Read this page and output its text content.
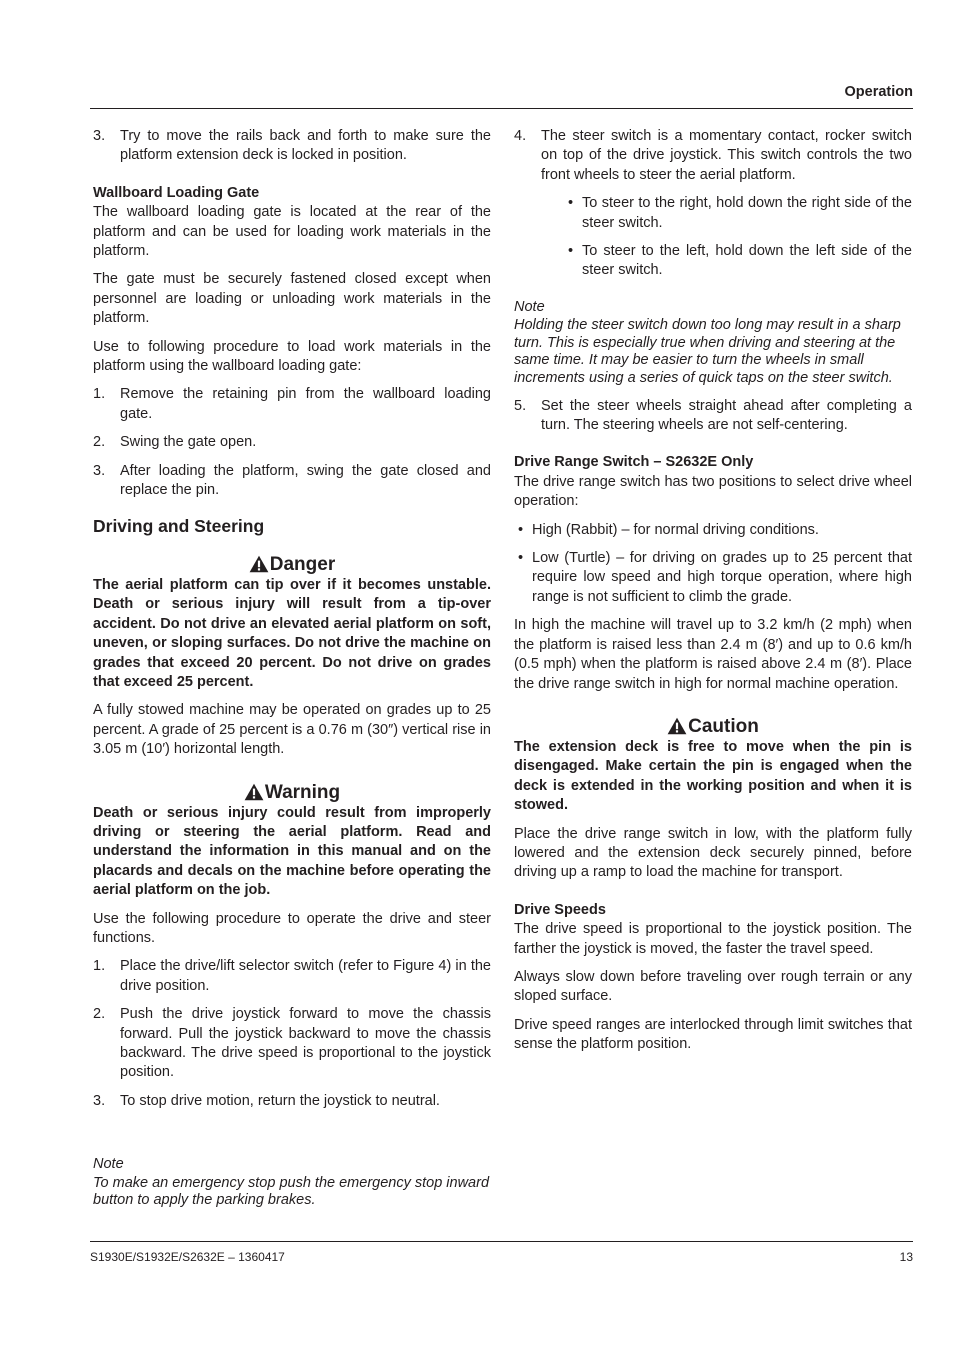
Operation
3.	Try to move the rails back and forth to make sure the platform extension deck is locked in position.
Wallboard Loading Gate

The wallboard loading gate is located at the rear of the platform and can be used for loading work materials in the platform.

The gate must be securely fastened closed except when personnel are loading or unloading work materials in the platform.

Use to following procedure to load work materials in the platform using the wallboard loading gate:

1.	Remove the retaining pin from the wallboard loading gate.
2.	Swing the gate open.
3.	After loading the platform, swing the gate closed and replace the pin.
Driving and Steering
Danger

The aerial platform can tip over if it becomes unstable. Death or serious injury will result from a tip-over accident. Do not drive an elevated aerial platform on soft, uneven, or sloping surfaces. Do not drive the machine on grades that exceed 20 percent. Do not drive on grades that exceed 25 percent.

A fully stowed machine may be operated on grades up to 25 percent. A grade of 25 percent is a 0.76 m (30″) vertical rise in 3.05 m (10′) horizontal length.

Warning

Death or serious injury could result from improperly driving or steering the aerial platform. Read and understand the information in this manual and on the placards and decals on the machine before operating the aerial platform on the job.

Use the following procedure to operate the drive and steer functions.

1.	Place the drive/lift selector switch (refer to Figure 4) in the drive position.
2.	Push the drive joystick forward to move the chassis forward. Pull the joystick backward to move the chassis backward. The drive speed is proportional to the joystick position.
3.	To stop drive motion, return the joystick to neutral.
Note
To make an emergency stop push the emergency stop inward button to apply the parking brakes.
4.	The steer switch is a momentary contact, rocker switch on top of the drive joystick. This switch controls the two front wheels to steer the aerial platform.
• To steer to the right, hold down the right side of the steer switch.
• To steer to the left, hold down the left side of the steer switch.
Note
Holding the steer switch down too long may result in a sharp turn. This is especially true when driving and steering at the same time. It may be easier to turn the wheels in small increments using a series of quick taps on the steer switch.
5.	Set the steer wheels straight ahead after completing a turn. The steering wheels are not self-centering.
Drive Range Switch – S2632E Only

The drive range switch has two positions to select drive wheel operation:

• High (Rabbit) – for normal driving conditions.
• Low (Turtle) – for driving on grades up to 25 percent that require low speed and high torque operation, where high range is not sufficient to climb the grade.

In high the machine will travel up to 3.2 km/h (2 mph) when the platform is raised less than 2.4 m (8′) and up to 0.6 km/h (0.5 mph) when the platform is raised above 2.4 m (8′). Place the drive range switch in high for normal machine operation.

Caution

The extension deck is free to move when the pin is disengaged. Make certain the pin is engaged when the deck is extended in the working position and when it is stowed.

Place the drive range switch in low, with the platform fully lowered and the extension deck securely pinned, before driving up a ramp to load the machine for transport.

Drive Speeds

The drive speed is proportional to the joystick position. The farther the joystick is moved, the faster the travel speed.

Always slow down before traveling over rough terrain or any sloped surface.

Drive speed ranges are interlocked through limit switches that sense the platform position.

S1930E/S1932E/S2632E – 1360417	13
